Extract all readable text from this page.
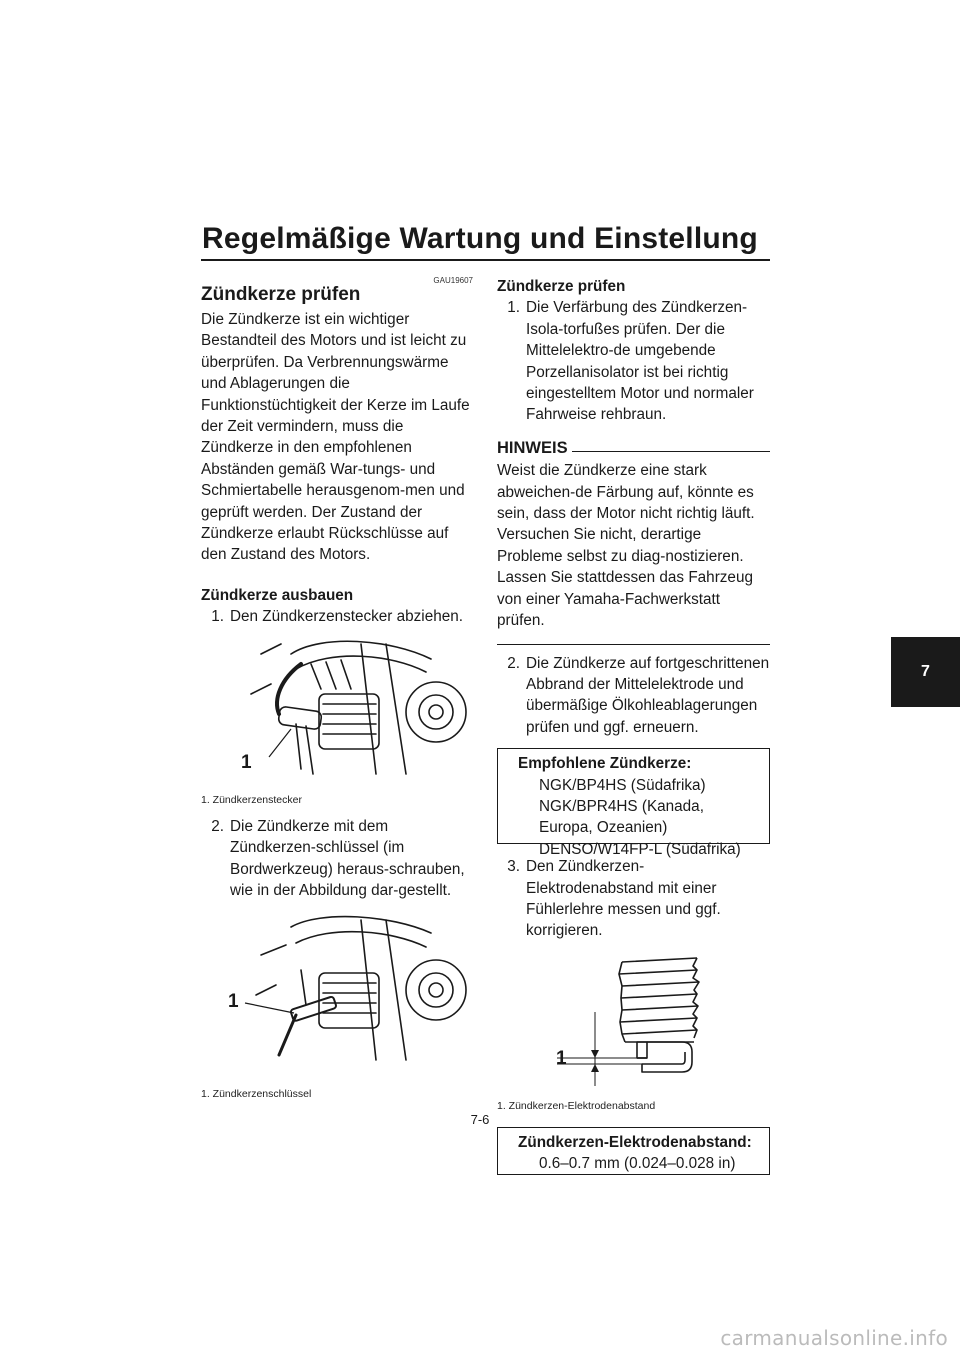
Regelmäßige Wartung und Einstellung
7
GAU19607
Zündkerze prüfen

Die Zündkerze ist ein wichtiger Bestandteil des Motors und ist leicht zu überprüfen. Da Verbrennungswärme und Ablagerungen die Funktionstüchtigkeit der Kerze im Laufe der Zeit vermindern, muss die Zündkerze in den empfohlenen Abständen gemäß War-tungs- und Schmiertabelle herausgenom-men und geprüft werden. Der Zustand der Zündkerze erlaubt Rückschlüsse auf den Zustand des Motors.

Zündkerze ausbauen

1. Den Zündkerzenstecker abziehen.
1
1. Zündkerzenstecker
2. Die Zündkerze mit dem Zündkerzen-schlüssel (im Bordwerkzeug) heraus-schrauben, wie in der Abbildung dar-gestellt.
1
1. Zündkerzenschlüssel

Zündkerze prüfen

1. Die Verfärbung des Zündkerzen-Isola-torfußes prüfen. Der die Mittelelektro-de umgebende Porzellanisolator ist bei richtig eingestelltem Motor und normaler Fahrweise rehbraun.
HINWEIS

Weist die Zündkerze eine stark abweichen-de Färbung auf, könnte es sein, dass der Motor nicht richtig läuft. Versuchen Sie nicht, derartige Probleme selbst zu diag-nostizieren. Lassen Sie stattdessen das Fahrzeug von einer Yamaha-Fachwerkstatt prüfen.

2. Die Zündkerze auf fortgeschrittenen Abbrand der Mittelelektrode und übermäßige Ölkohleablagerungen prüfen und ggf. erneuern.
Empfohlene Zündkerze:
NGK/BP4HS (Südafrika)
NGK/BPR4HS (Kanada, Europa, Ozeanien)
DENSO/W14FP-L (Südafrika)
3. Den Zündkerzen-Elektrodenabstand mit einer Fühlerlehre messen und ggf. korrigieren.
1
1. Zündkerzen-Elektrodenabstand
Zündkerzen-Elektrodenabstand:
0.6–0.7 mm (0.024–0.028 in)
7-6
carmanualsonline.info
